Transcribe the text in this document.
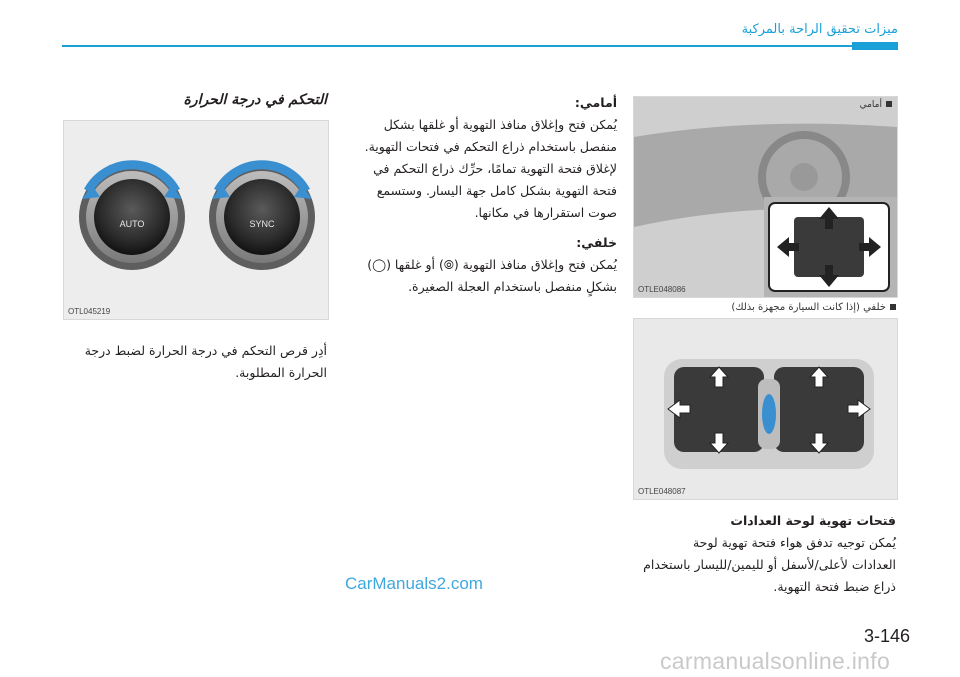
ميزات تحقيق الراحة بالمركبة
التحكم في درجة الحرارة
AUTO	SYNC
OTL045219
أدِر قرص التحكم في درجة الحرارة لضبط درجة
الحرارة المطلوبة.
أمامي:
يُمكن فتح وإغلاق منافذ التهوية أو غلقها بشكل
منفصل باستخدام ذراع التحكم في فتحات التهوية.
لإغلاق فتحة التهوية تمامًا، حرِّك ذراع التحكم في
فتحة التهوية بشكل كامل جهة اليسار. وستسمع
صوت استقرارها في مكانها.
خلفي:
يُمكن فتح وإغلاق منافذ التهوية (⦾) أو غلقها (◯)
بشكلٍ منفصل باستخدام العجلة الصغيرة.
أمامي
OTLE048086
خلفي (إذا كانت السيارة مجهزة بذلك)
OTLE048087
فتحات تهوية لوحة العدادات
يُمكن توجيه تدفق هواء فتحة تهوية لوحة
العدادات لأعلى/لأسفل أو لليمين/لليسار باستخدام
ذراع ضبط فتحة التهوية.
3-146
CarManuals2.com
carmanualsonline.info
